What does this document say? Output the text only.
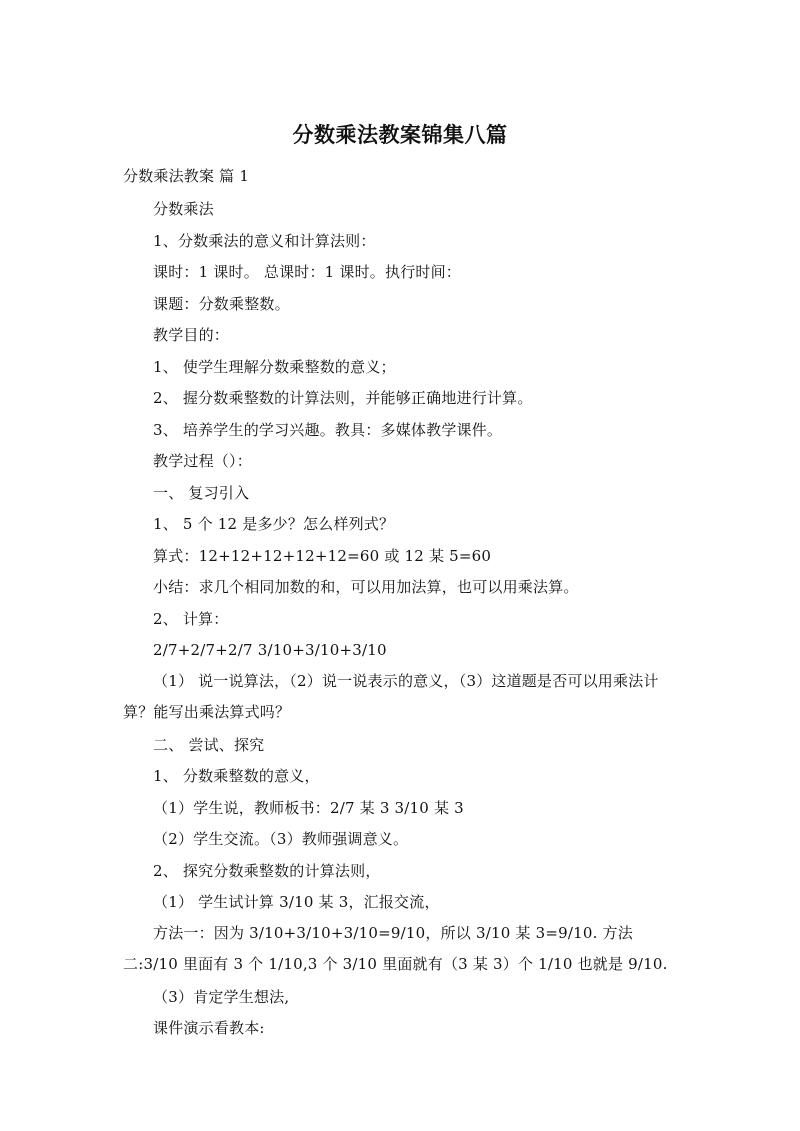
分数乘法教案锦集八篇
分数乘法教案 篇 1
分数乘法
1、分数乘法的意义和计算法则：
课时：1 课时。 总课时：1 课时。执行时间：
课题：分数乘整数。
教学目的：
1、 使学生理解分数乘整数的意义；
2、 握分数乘整数的计算法则，并能够正确地进行计算。
3、 培养学生的学习兴趣。教具：多媒体教学课件。
教学过程（）：
一、 复习引入
1、 5 个 12 是多少？怎么样列式？
算式：12+12+12+12+12=60 或 12 某 5=60
小结：求几个相同加数的和，可以用加法算，也可以用乘法算。
2、 计算：
2/7+2/7+2/7 3/10+3/10+3/10
（1） 说一说算法，（2）说一说表示的意义，（3）这道题是否可以用乘法计算？能写出乘法算式吗？
二、 尝试、探究
1、 分数乘整数的意义，
（1）学生说，教师板书：2/7 某 3 3/10 某 3
（2）学生交流。（3）教师强调意义。
2、 探究分数乘整数的计算法则，
（1） 学生试计算 3/10 某 3，汇报交流，
方法一：因为 3/10+3/10+3/10=9/10，所以 3/10 某 3=9/10. 方法二:3/10 里面有 3 个 1/10,3 个 3/10 里面就有（3 某 3）个 1/10 也就是 9/10.
（3）肯定学生想法,
课件演示看教本:
